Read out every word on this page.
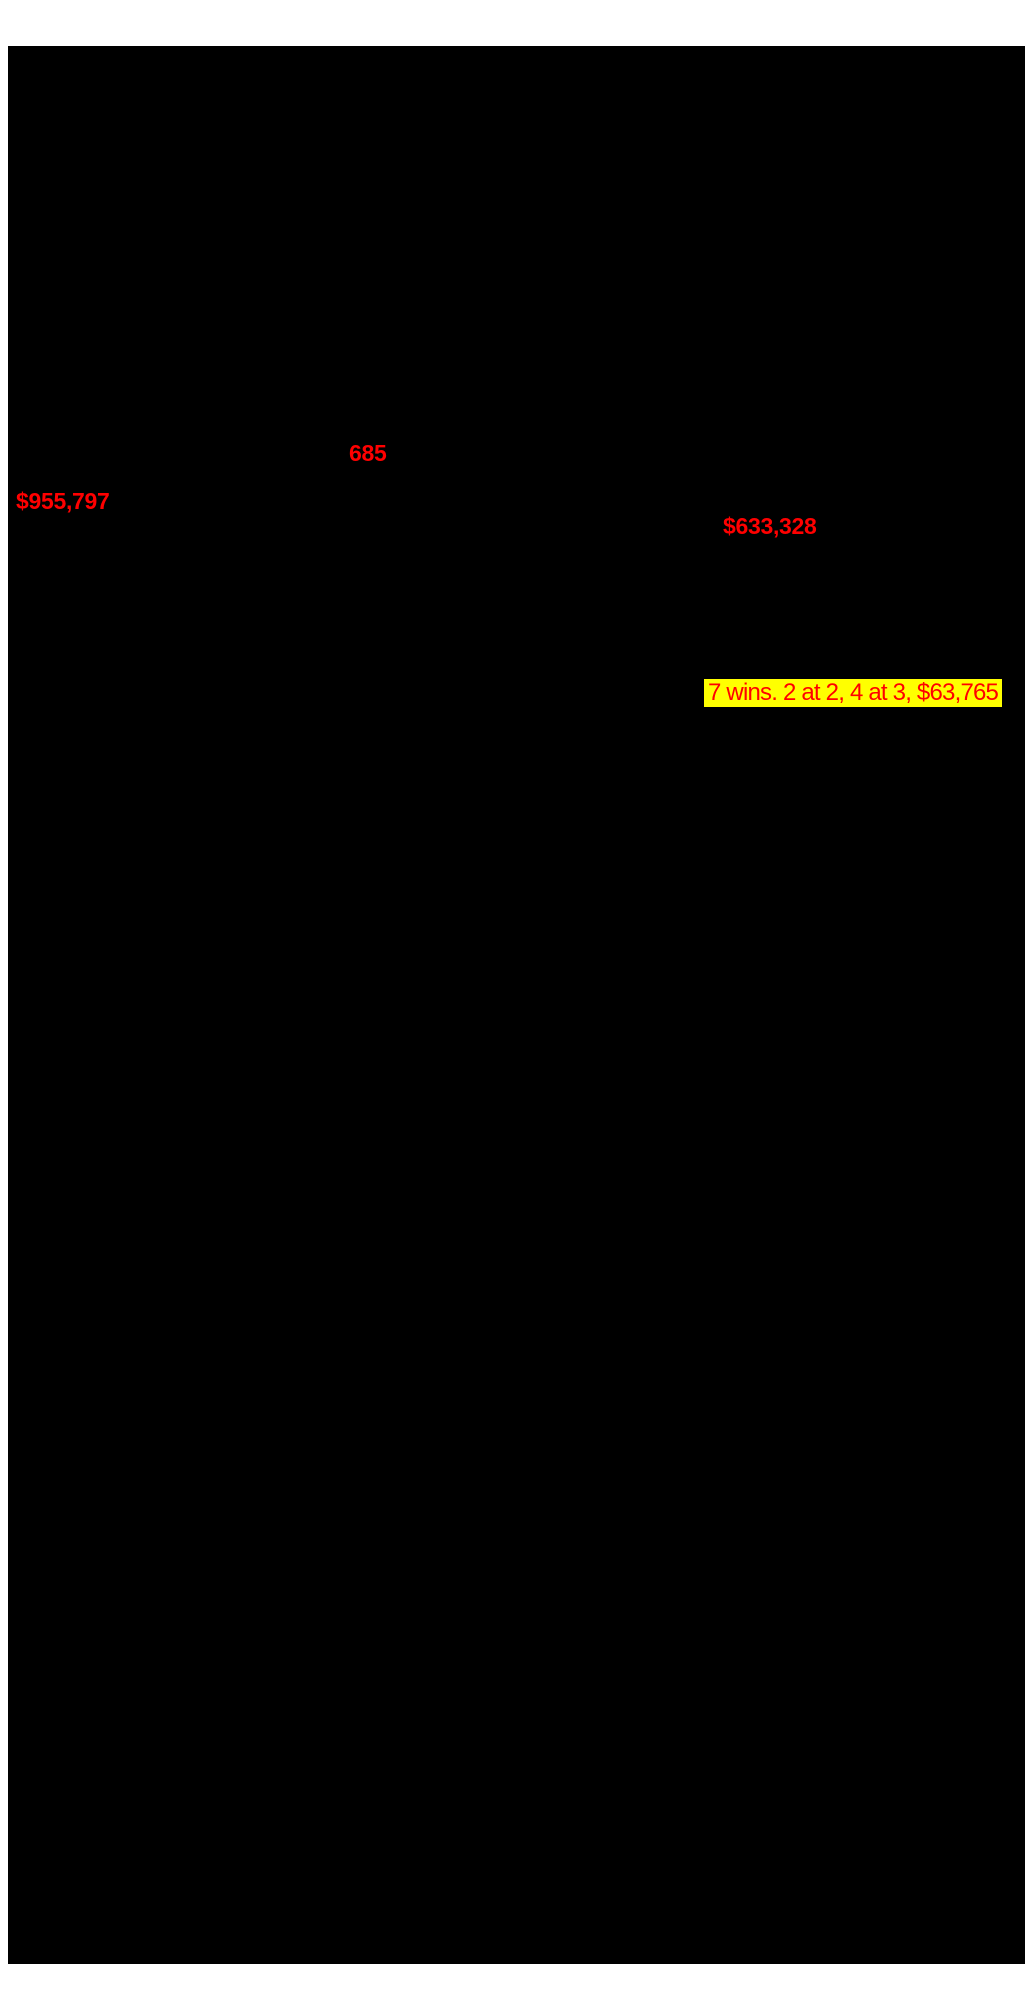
685
$955,797
$633,328
7 wins. 2 at 2, 4 at 3, $63,765
